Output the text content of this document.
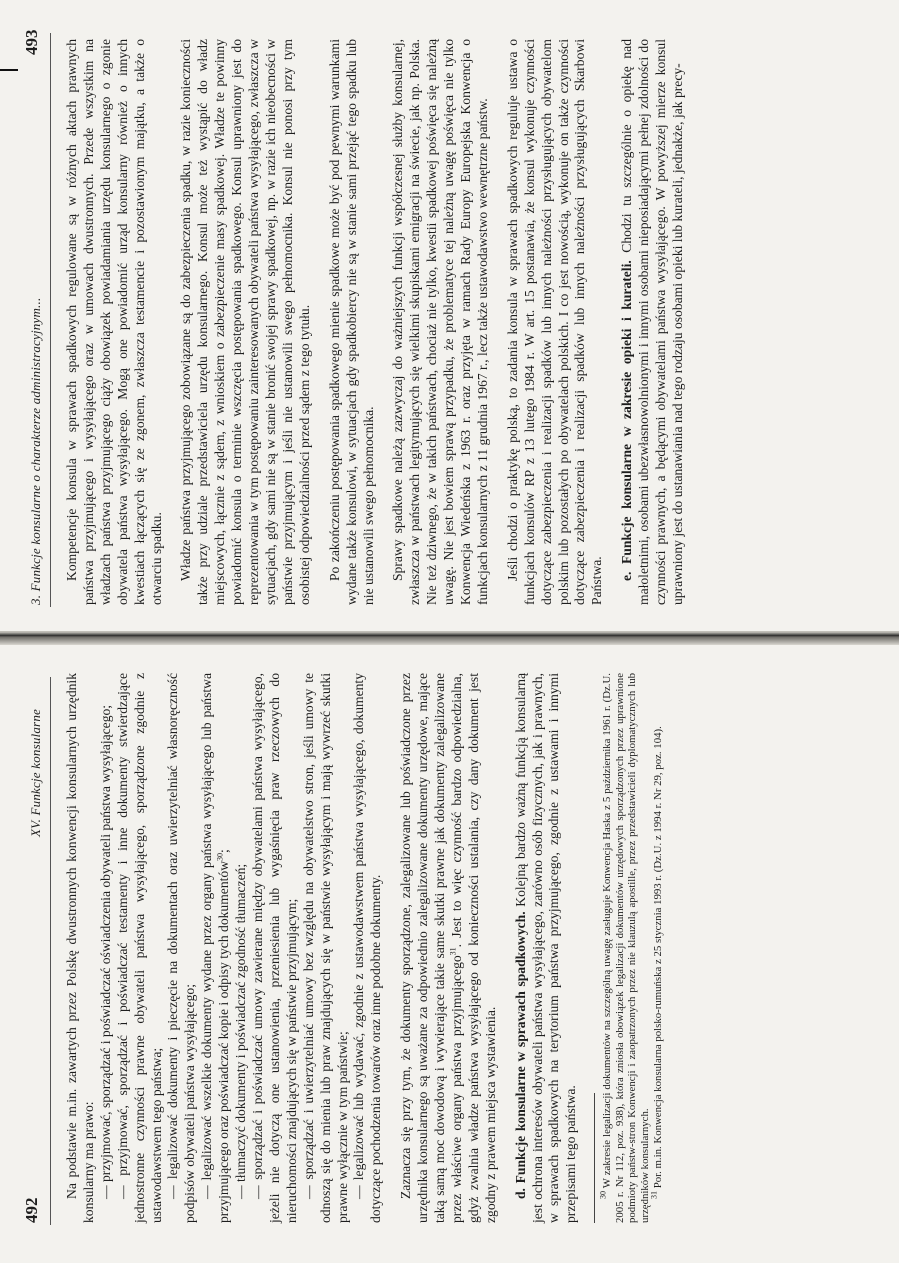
492
XV. Funkcje konsularne Na podstawie m.in. zawartych przez Polskę dwustronnych konwencji konsularnych urzędnik konsularny ma prawo: — przyjmować, sporządzać i poświadczać oświadczenia obywateli państwa wysyłającego; — przyjmować, sporządzać i poświadczać testamenty i inne dokumenty stwierdzające jednostronne czynności prawne obywateli państwa wysyłającego, sporządzone zgodnie z ustawodawstwem tego państwa; — legalizować dokumenty i pieczęcie na dokumentach oraz uwierzytelniać własnoręczność podpisów obywateli państwa wysyłającego; — legalizować wszelkie dokumenty wydane przez organy państwa wysyłającego lub państwa przyjmującego oraz poświadczać kopie i odpisy tych dokumentów$^{30}$;

— tłumaczyć dokumenty i poświadczać zgodność tłumaczeń; — sporządzać i poświadczać umowy zawierane między obywatelami państwa wysyłającego, jeżeli nie dotyczą one ustanowienia, przeniesienia lub wygaśnięcia praw rzeczowych do nieruchomości znajdujących się w państwie przyjmującym; — sporządzać i uwierzytelniać umowy bez względu na obywatelstwo stron, jeśli umowy te odnoszą się do mienia lub praw znajdujących się w państwie wysyłającym i mają wywrzeć skutki prawne wyłącznie w tym państwie; — legalizować lub wydawać, zgodnie z ustawodawstwem państwa wysyłającego, dokumenty dotyczące pochodzenia towarów oraz inne podobne dokumenty. Zaznacza się przy tym, że dokumenty sporządzone, zalegalizowane lub poświadczone przez urzędnika konsularnego są uważane za odpowiednio zalegalizowane dokumenty urzędowe, mające taką samą moc dowodową i wywierające takie same skutki prawne jak dokumenty zalegalizowane przez właściwe organy państwa przyjmującego$^{31}$. Jest to więc czynność bardzo odpowiedzialna, gdyż zwalnia władze państwa wysyłającego od konieczności ustalania, czy dany dokument jest zgodny z prawem miejsca wystawienia. d. Funkcje konsularne w sprawach spadkowych. Kolejną bardzo ważną funkcją konsularną jest ochrona interesów obywateli państwa wysyłającego, zarówno osób fizycznych, jak i prawnych, w sprawach spadkowych na terytorium państwa przyjmującego, zgodnie z ustawami i innymi przepisami tego państwa.	$^{30}$ W zakresie legalizacji dokumentów na szczególną uwagę zasługuje Konwencja Haska z 5 października 1961 r. (Dz.U. 2005 r. Nr 112, poz. 938), która zniosła obowiązek legalizacji dokumentów urzędowych sporządzonych przez uprawnione podmioty państw-stron Konwencji i zaopatrzonych przez nie klauzulą apostille, przez przedstawicieli dyplomatycznych lub urzędników konsularnych.

$^{31}$ Por. m.in. Konwencja konsularna polsko-rumuńska z 25 stycznia 1993 r. (Dz.U. z 1994 r. Nr 29, poz. 104).

3. Funkcje konsularne o charakterze administracyjnym...
493 Kompetencje konsula w sprawach spadkowych regulowane są w różnych aktach prawnych państwa przyjmującego i wysyłającego oraz w umowach dwustronnych. Przede wszystkim na władzach państwa przyjmującego ciąży obowiązek powiadamiania urzędu konsularnego o zgonie obywatela państwa wysyłającego. Mogą one powiadomić urząd konsularny również o innych kwestiach łączących się ze zgonem, zwłaszcza testamencie i pozostawionym majątku, a także o otwarciu spadku. Władze państwa przyjmującego zobowiązane są do zabezpieczenia spadku, w razie konieczności także przy udziale przedstawiciela urzędu konsularnego. Konsul może też wystąpić do władz miejscowych, łącznie z sądem, z wnioskiem o zabezpieczenie masy spadkowej. Władze te powinny powiadomić konsula o terminie wszczęcia postępowania spadkowego. Konsul uprawniony jest do reprezentowania w tym postępowaniu zainteresowanych obywateli państwa wysyłającego, zwłaszcza w sytuacjach, gdy sami nie są w stanie bronić swojej sprawy spadkowej, np. w razie ich nieobecności w państwie przyjmującym i jeśli nie ustanowili swego pełnomocnika. Konsul nie ponosi przy tym osobistej odpowiedzialności przed sądem z tego tytułu. Po zakończeniu postępowania spadkowego mienie spadkowe może być pod pewnymi warunkami wydane także konsulowi, w sytuacjach gdy spadkobiercy nie są w stanie sami przejąć tego spadku lub nie ustanowili swego pełnomocnika. Sprawy spadkowe należą zazwyczaj do ważniejszych funkcji współczesnej służby konsularnej, zwłaszcza w państwach legitymujących się wielkimi skupiskami emigracji na świecie, jak np. Polska. Nie też dziwnego, że w takich państwach, chociaż nie tylko, kwestii spadkowej poświęca się należną uwagę. Nie jest bowiem sprawą przypadku, że problematyce tej należną uwagę poświęca nie tylko Konwencja Wiedeńska z 1963 r. oraz przyjęta w ramach Rady Europy Europejska Konwencja o funkcjach konsularnych z 11 grudnia 1967 r., lecz także ustawodawstwo wewnętrzne państw. Jeśli chodzi o praktykę polską, to zadania konsula w sprawach spadkowych reguluje ustawa o funkcjach konsulów RP z 13 lutego 1984 r. W art. 15 postanawia, że konsul wykonuje czynności dotyczące zabezpieczenia i realizacji spadków lub innych należności przysługujących obywatelom polskim lub pozostałych po obywatelach polskich. I co jest nowością, wykonuje on także czynności dotyczące zabezpieczenia i realizacji spadków lub innych należności przysługujących Skarbowi Państwa. e. Funkcje konsularne w zakresie opieki i kurateli. Chodzi tu szczególnie o opiekę nad małoletnimi, osobami ubezwłasnowolnionymi i innymi osobami nieposiadającymi pełnej zdolności do czynności prawnych, a będącymi obywatelami państwa wysyłającego. W powyższej mierze konsul uprawniony jest do ustanawiania nad tego rodzaju osobami opieki lub kurateli, jednakże, jak precy-
